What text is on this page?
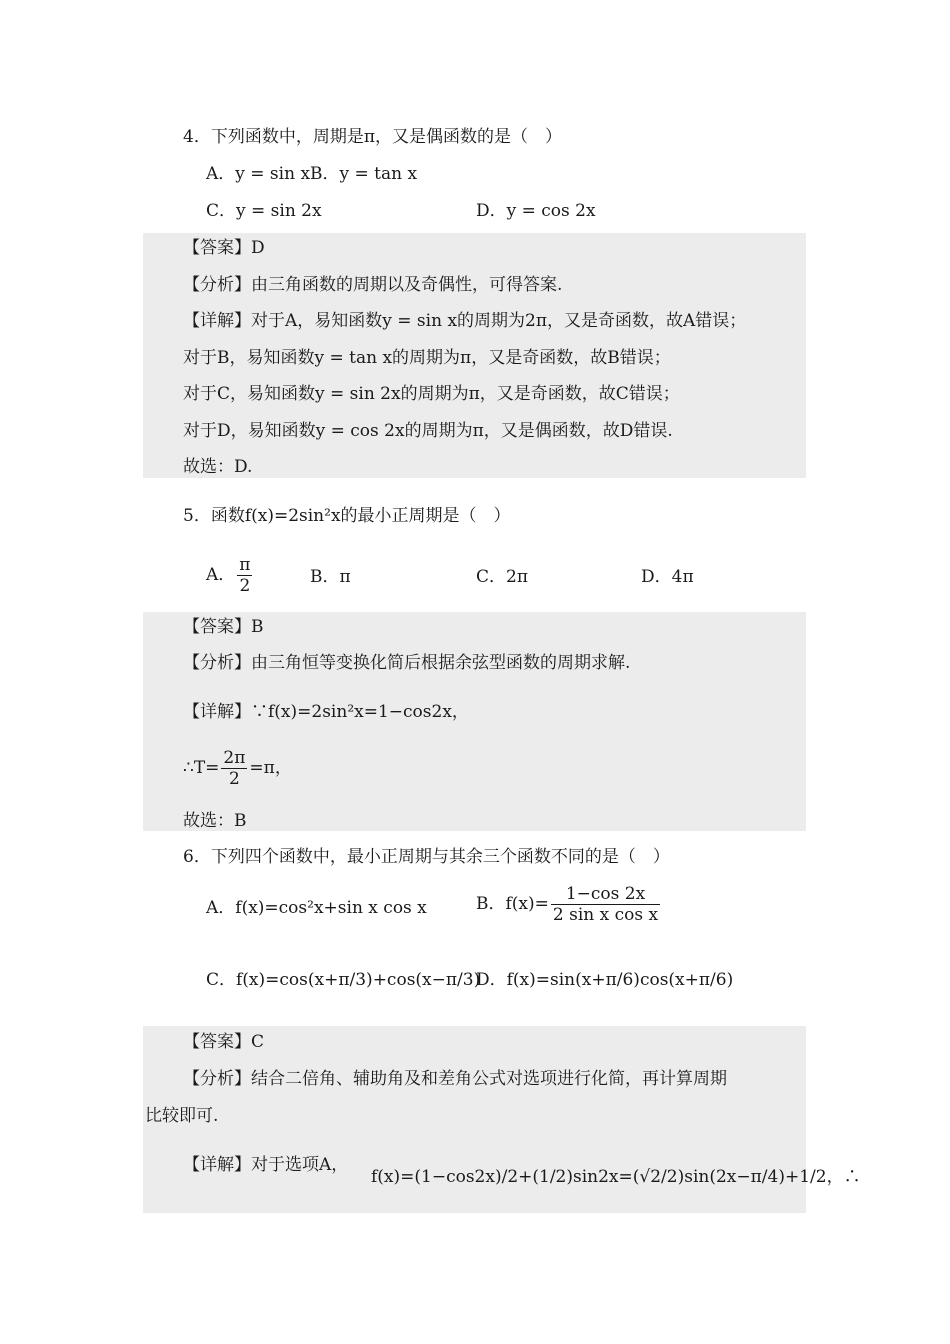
4．下列函数中，周期是π，又是偶函数的是（　）
A．y = sin x B．y = tan x
C．y = sin 2x	D．y = cos 2x
【答案】D
【分析】由三角函数的周期以及奇偶性，可得答案.
【详解】对于A，易知函数y = sin x的周期为2π，又是奇函数，故A错误；
对于B，易知函数y = tan x的周期为π，又是奇函数，故B错误；
对于C，易知函数y = sin 2x的周期为π，又是奇函数，故C错误；
对于D，易知函数y = cos 2x的周期为π，又是偶函数，故D错误.
故选：D.
5．函数f(x)=2sin²x的最小正周期是（　）
A． $\frac{\pi}{2}$	B．π	C．2π	D．4π
【答案】B
【分析】由三角恒等变换化简后根据余弦型函数的周期求解.
【详解】∵f(x)=2sin²x=1−cos2x，
∴T= $\frac{2\pi}{2} =\pi$，
故选：B
6．下列四个函数中，最小正周期与其余三个函数不同的是（　）
A．f(x)=cos²x+sin x cos x	B．$f(x)= \frac{1-\cos 2x}{\text{2 sin x cos x}}$
C．f(x)=cos(x+π/3)+cos(x−π/3)
D．f(x)=sin(x+π/6)cos(x+π/6)
【答案】C
【分析】结合二倍角、辅助角及和差角公式对选项进行化简，再计算周期
比较即可.
【详解】对于选项A，
f(x)=(1−cos2x)/2+(1/2)sin2x=(√2/2)sin(2x−π/4)+1/2，∴
